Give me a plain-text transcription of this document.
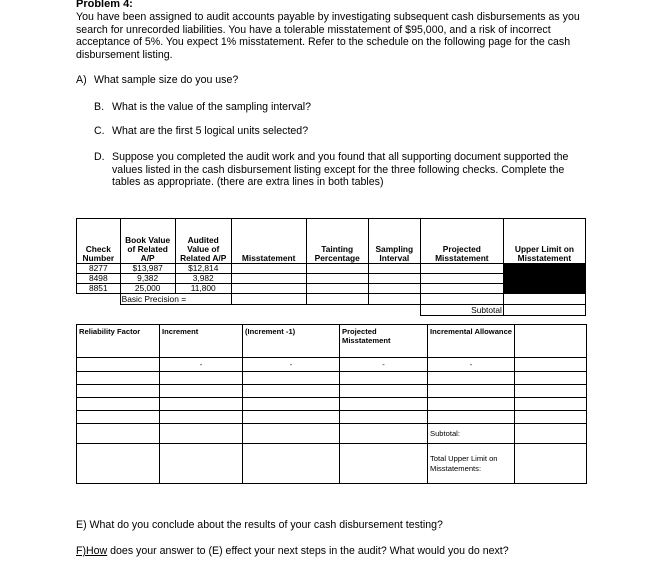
Problem 4:
You have been assigned to audit accounts payable by investigating subsequent cash disbursements as you search for unrecorded liabilities. You have a tolerable misstatement of $95,000, and a risk of incorrect acceptance of 5%. You expect 1% misstatement. Refer to the schedule on the following page for the cash disbursement listing.
A) What sample size do you use?
B. What is the value of the sampling interval?
C. What are the first 5 logical units selected?
D. Suppose you completed the audit work and you found that all supporting document supported the values listed in the cash disbursement listing except for the three following checks. Complete the tables as appropriate. (there are extra lines in both tables)
Check Number	Book Value of Related A/P	Audited Value of Related A/P	Misstatement	Tainting Percentage	Sampling Interval	Projected Misstatement	Upper Limit on Misstatement
8277	$13,987	$12,814					
8498	9,382	3,982					
8851	25,000	11,800					
	Basic Precision =						
						Subtotal	
Reliability Factor	Increment	(Increment -1)	Projected Misstatement	Incremental Allowance	
	-	-	-	-	

				Subtotal:	
				Total Upper Limit on Misstatements:	
E) What do you conclude about the results of your cash disbursement testing?
F)How does your answer to (E) effect your next steps in the audit? What would you do next?
